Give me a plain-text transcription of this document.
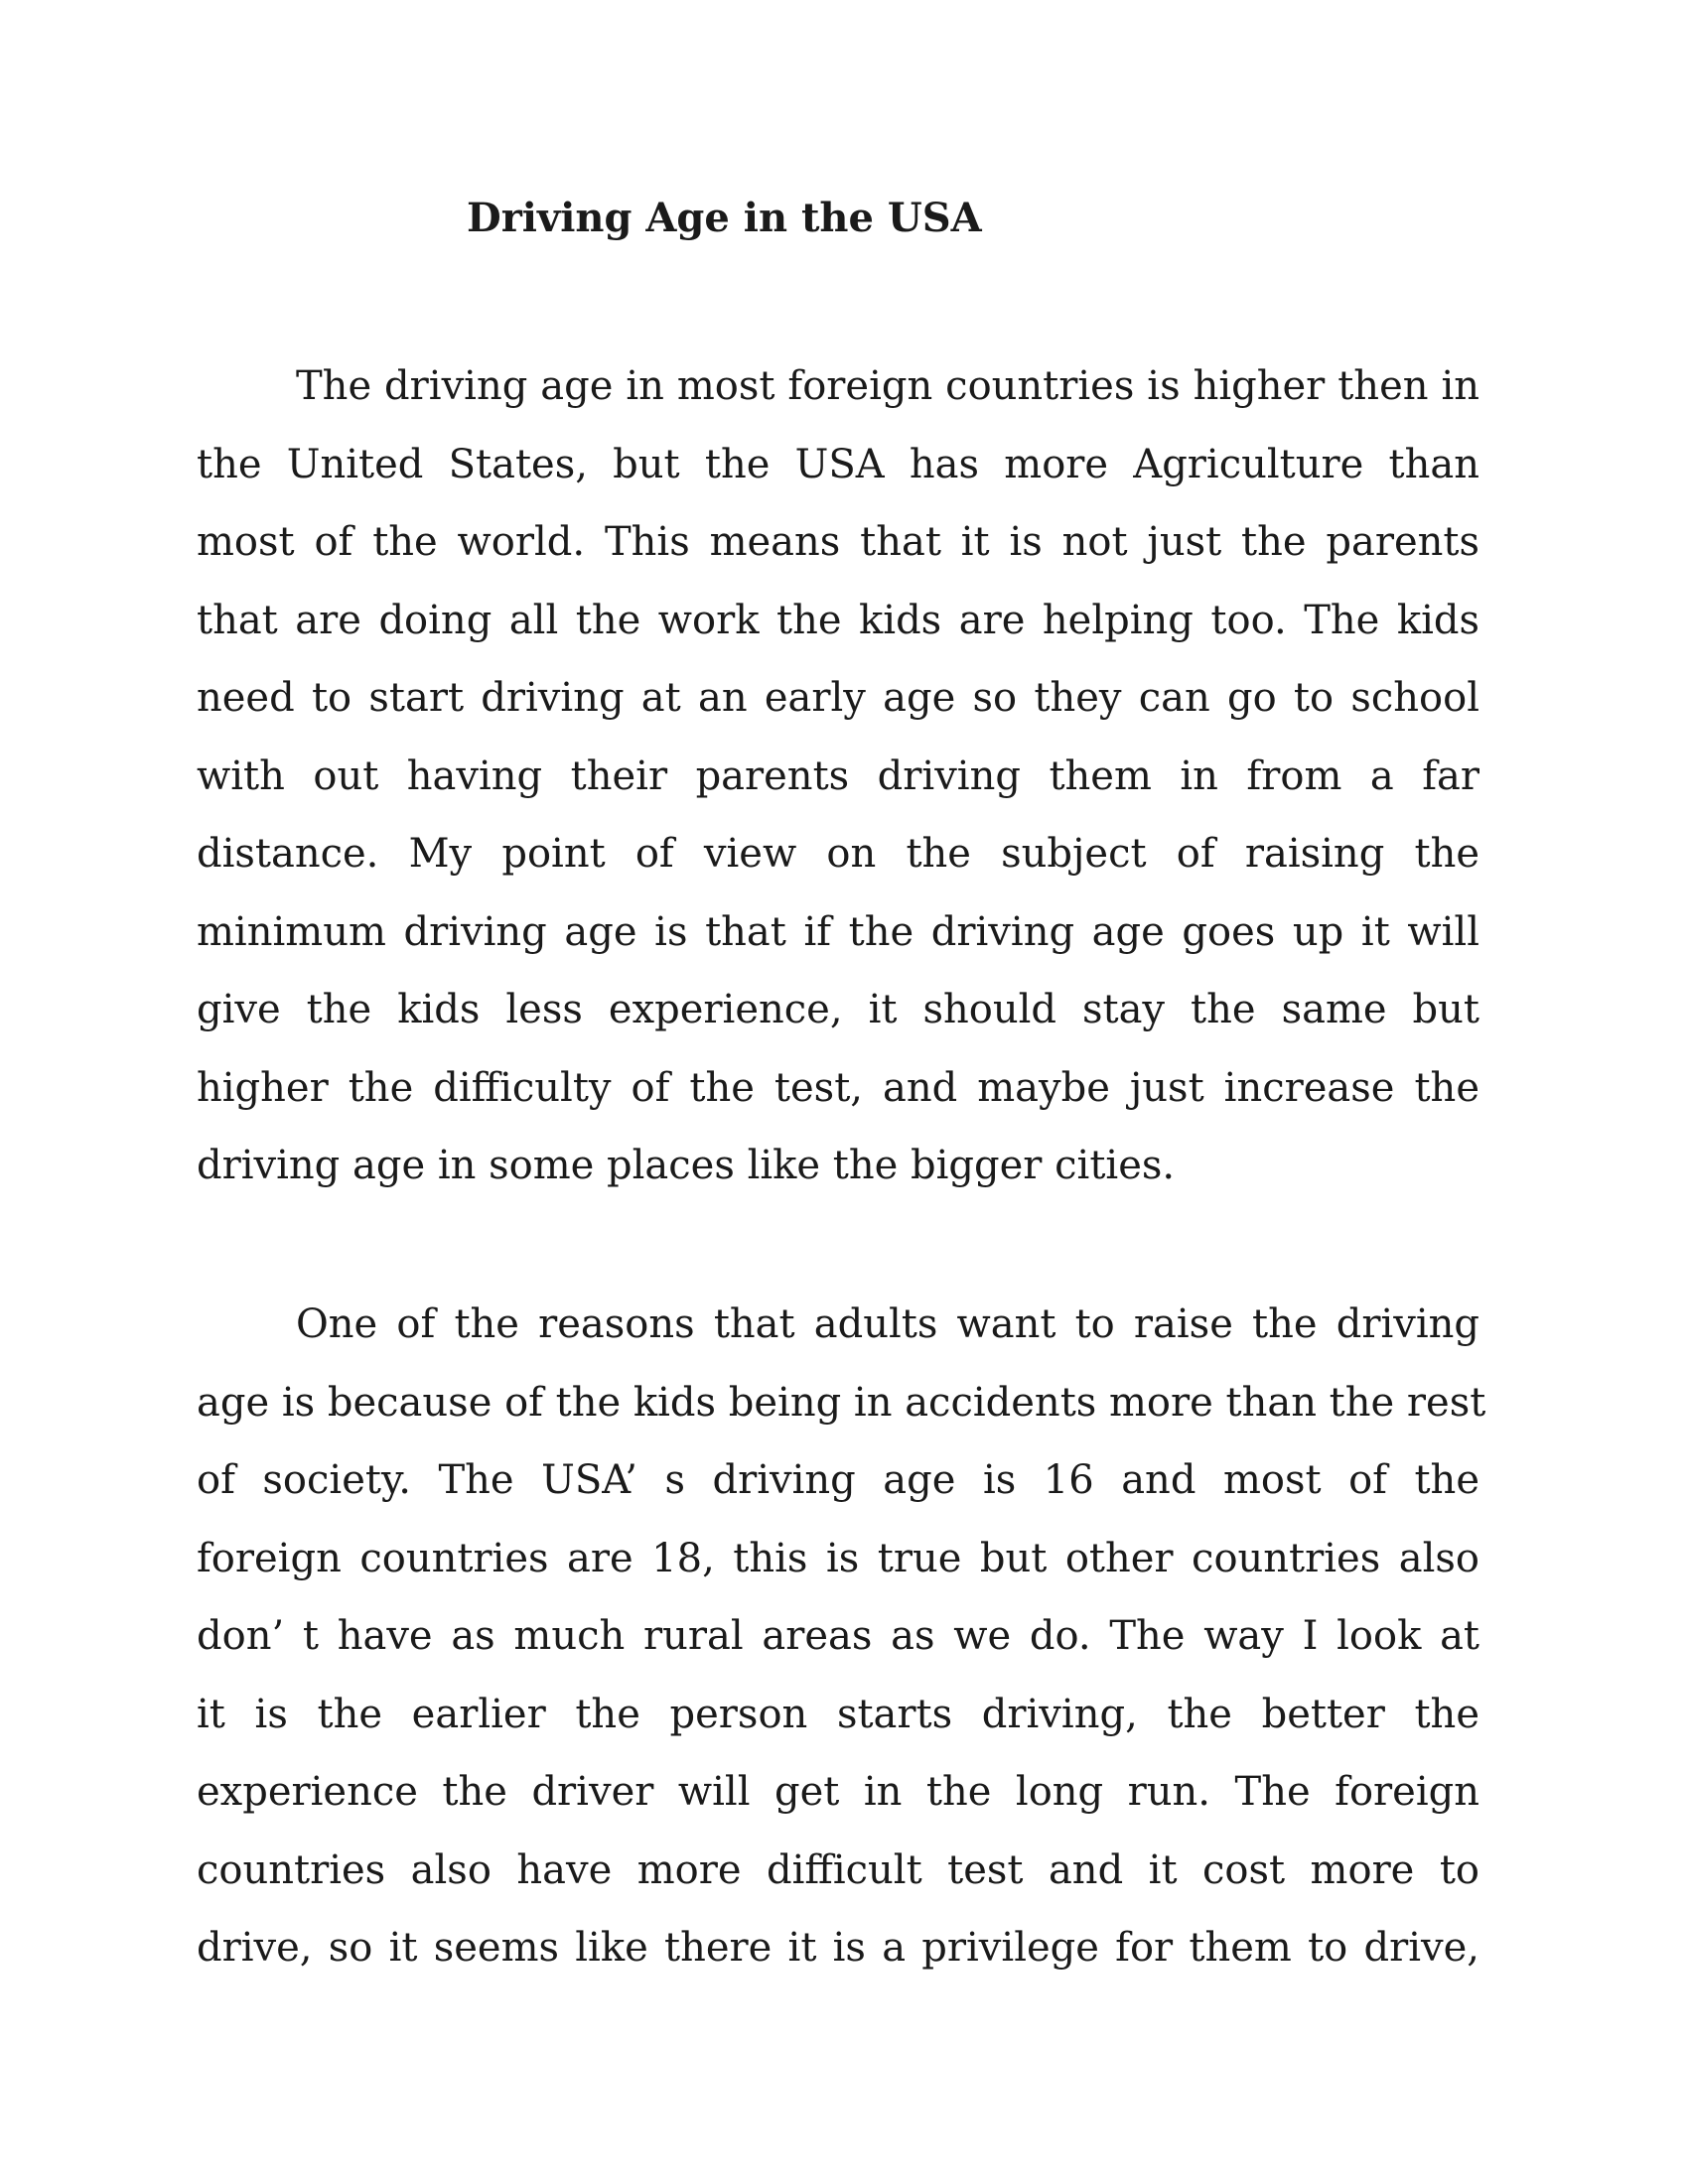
Driving Age in the USA
The driving age in most foreign countries is higher then in
the United States, but the USA has more Agriculture than
most of the world. This means that it is not just the parents
that are doing all the work the kids are helping too. The kids
need to start driving at an early age so they can go to school
with out having their parents driving them in from a far
distance. My point of view on the subject of raising the
minimum driving age is that if the driving age goes up it will
give the kids less experience, it should stay the same but
higher the difficulty of the test, and maybe just increase the
driving age in some places like the bigger cities.
One of the reasons that adults want to raise the driving
age is because of the kids being in accidents more than the rest
of society. The USA’ s driving age is 16 and most of the
foreign countries are 18, this is true but other countries also
don’ t have as much rural areas as we do. The way I look at
it is the earlier the person starts driving, the better the
experience the driver will get in the long run. The foreign
countries also have more difficult test and it cost more to
drive, so it seems like there it is a privilege for them to drive,
